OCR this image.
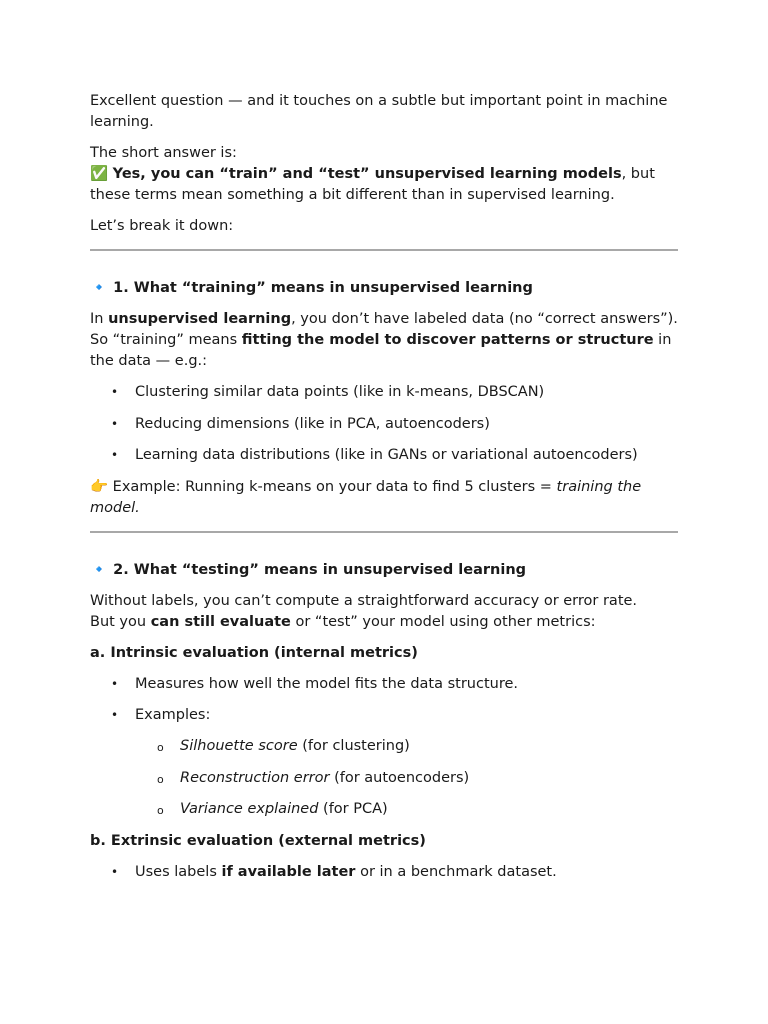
Excellent question — and it touches on a subtle but important point in machine learning.

The short answer is:
✅ Yes, you can “train” and “test” unsupervised learning models, but these terms mean something a bit different than in supervised learning.

Let’s break it down:

🔹 1. What “training” means in unsupervised learning

In unsupervised learning, you don’t have labeled data (no “correct answers”).
So “training” means fitting the model to discover patterns or structure in the data — e.g.:

• Clustering similar data points (like in k-means, DBSCAN)
• Reducing dimensions (like in PCA, autoencoders)
• Learning data distributions (like in GANs or variational autoencoders)

👉 Example: Running k-means on your data to find 5 clusters = training the model.

🔹 2. What “testing” means in unsupervised learning

Without labels, you can’t compute a straightforward accuracy or error rate.
But you can still evaluate or “test” your model using other metrics:

a. Intrinsic evaluation (internal metrics)

• Measures how well the model fits the data structure.
• Examples:
o Silhouette score (for clustering)
o Reconstruction error (for autoencoders)
o Variance explained (for PCA)

b. Extrinsic evaluation (external metrics)

• Uses labels if available later or in a benchmark dataset.
